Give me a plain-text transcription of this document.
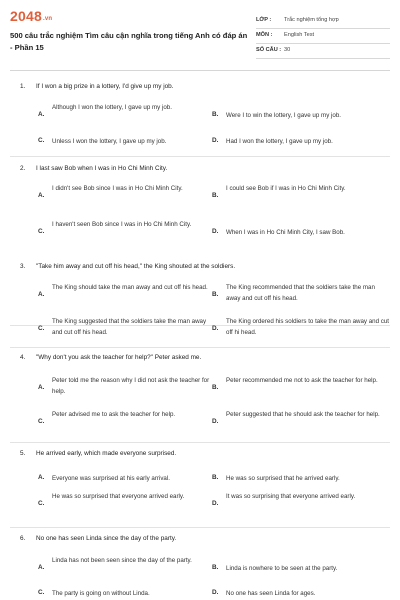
2048.vn
500 câu trắc nghiệm Tìm câu cận nghĩa trong tiếng Anh có đáp án - Phần 15
LỚP : Trắc nghiệm tổng hợp
MÔN : English Test
SỐ CÂU : 30
1. If I won a big prize in a lottery, I'd give up my job.
A.
Although I won the lottery, I gave up my job.
B. Were I to win the lottery, I gave up my job.
C. Unless I won the lottery, I gave up my job.	D. Had I won the lottery, I gave up my job.
2. I last saw Bob when I was in Ho Chi Minh City.
A.
I didn't see Bob since I was in Ho Chi Minh City.
B.
I could see Bob if I was in Ho Chi Minh City.
C.
I haven't seen Bob since I was in Ho Chi Minh City.
D. When I was in Ho Chi Minh City, I saw Bob.
3. "Take him away and cut off his head," the King shouted at the soldiers.
A.
The King should take the man away and cut off his head.
B.
The King recommended that the soldiers take the man away and cut off his head.
C.
The King suggested that the soldiers take the man away and cut off his head.	D.
The King ordered his soldiers to take the man away and cut off hi head.
4. "Why don't you ask the teacher for help?" Peter asked me.
A.
Peter told me the reason why I did not ask the teacher for help.	B.
Peter recommended me not to ask the teacher for help.
C.
Peter advised me to ask the teacher for help.
D.
Peter suggested that he should ask the teacher for help.
5. He arrived early, which made everyone surprised.
A. Everyone was surprised at his early arrival.	B. He was so surprised that he arrived early.
C.
He was so surprised that everyone arrived early.
D.
It was so surprising that everyone arrived early.
6. No one has seen Linda since the day of the party.
A.
Linda has not been seen since the day of the party.
B. Linda is nowhere to be seen at the party.
C. The party is going on without Linda.	D. No one has seen Linda for ages.
